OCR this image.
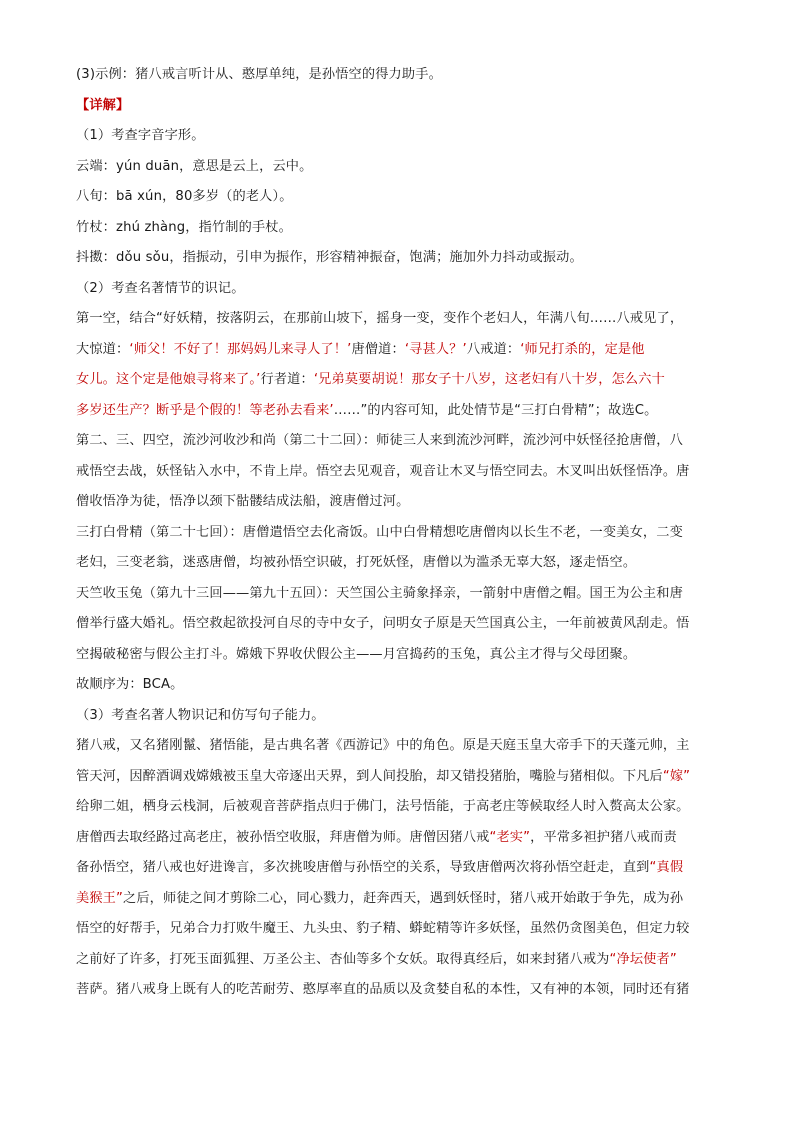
(3)示例：猪八戒言听计从、憨厚单纯，是孙悟空的得力助手。
【详解】
（1）考查字音字形。
云端：yún duān，意思是云上，云中。
八旬：bā xún，80多岁（的老人）。
竹杖：zhú zhàng，指竹制的手杖。
抖擞：dǒu sǒu，指振动，引申为振作，形容精神振奋，饱满；施加外力抖动或振动。
（2）考查名著情节的识记。
第一空，结合“好妖精，按落阴云，在那前山坡下，摇身一变，变作个老妇人，年满八旬……八戒见了，
大惊道：‘师父！不好了！那妈妈儿来寻人了！’唐僧道：‘寻甚人？’八戒道：‘师兄打杀的，定是他
女儿。这个定是他娘寻将来了。’行者道：‘兄弟莫要胡说！那女子十八岁，这老妇有八十岁，怎么六十
多岁还生产？断乎是个假的！等老孙去看来’……”的内容可知，此处情节是“三打白骨精”；故选C。
第二、三、四空，流沙河收沙和尚（第二十二回）：师徒三人来到流沙河畔，流沙河中妖怪径抢唐僧，八
戒悟空去战，妖怪钻入水中，不肯上岸。悟空去见观音，观音让木叉与悟空同去。木叉叫出妖怪悟净。唐
僧收悟净为徒，悟净以颈下骷髅结成法船，渡唐僧过河。
三打白骨精（第二十七回）：唐僧遣悟空去化斋饭。山中白骨精想吃唐僧肉以长生不老，一变美女，二变
老妇，三变老翁，迷惑唐僧，均被孙悟空识破，打死妖怪，唐僧以为滥杀无辜大怒，逐走悟空。
天竺收玉兔（第九十三回——第九十五回）：天竺国公主骑象择亲，一箭射中唐僧之帽。国王为公主和唐
僧举行盛大婚礼。悟空救起欲投河自尽的寺中女子，问明女子原是天竺国真公主，一年前被黄风刮走。悟
空揭破秘密与假公主打斗。嫦娥下界收伏假公主——月宫捣药的玉兔，真公主才得与父母团聚。
故顺序为：BCA。
（3）考查名著人物识记和仿写句子能力。
猪八戒，又名猪刚鬣、猪悟能，是古典名著《西游记》中的角色。原是天庭玉皇大帝手下的天蓬元帅，主
管天河，因醉酒调戏嫦娥被玉皇大帝逐出天界，到人间投胎，却又错投猪胎，嘴脸与猪相似。下凡后“嫁”
给卵二姐，栖身云栈洞，后被观音菩萨指点归于佛门，法号悟能，于高老庄等候取经人时入赘高太公家。
唐僧西去取经路过高老庄，被孙悟空收服，拜唐僧为师。唐僧因猪八戒“老实”，平常多袒护猪八戒而责
备孙悟空，猪八戒也好进谗言，多次挑唆唐僧与孙悟空的关系，导致唐僧两次将孙悟空赶走，直到“真假
美猴王”之后，师徒之间才剪除二心，同心戮力，赶奔西天，遇到妖怪时，猪八戒开始敢于争先，成为孙
悟空的好帮手，兄弟合力打败牛魔王、九头虫、豹子精、蟒蛇精等许多妖怪，虽然仍贪图美色，但定力较
之前好了许多，打死玉面狐狸、万圣公主、杏仙等多个女妖。取得真经后，如来封猪八戒为“净坛使者”
菩萨。猪八戒身上既有人的吃苦耐劳、憨厚率直的品质以及贪婪自私的本性，又有神的本领，同时还有猪
